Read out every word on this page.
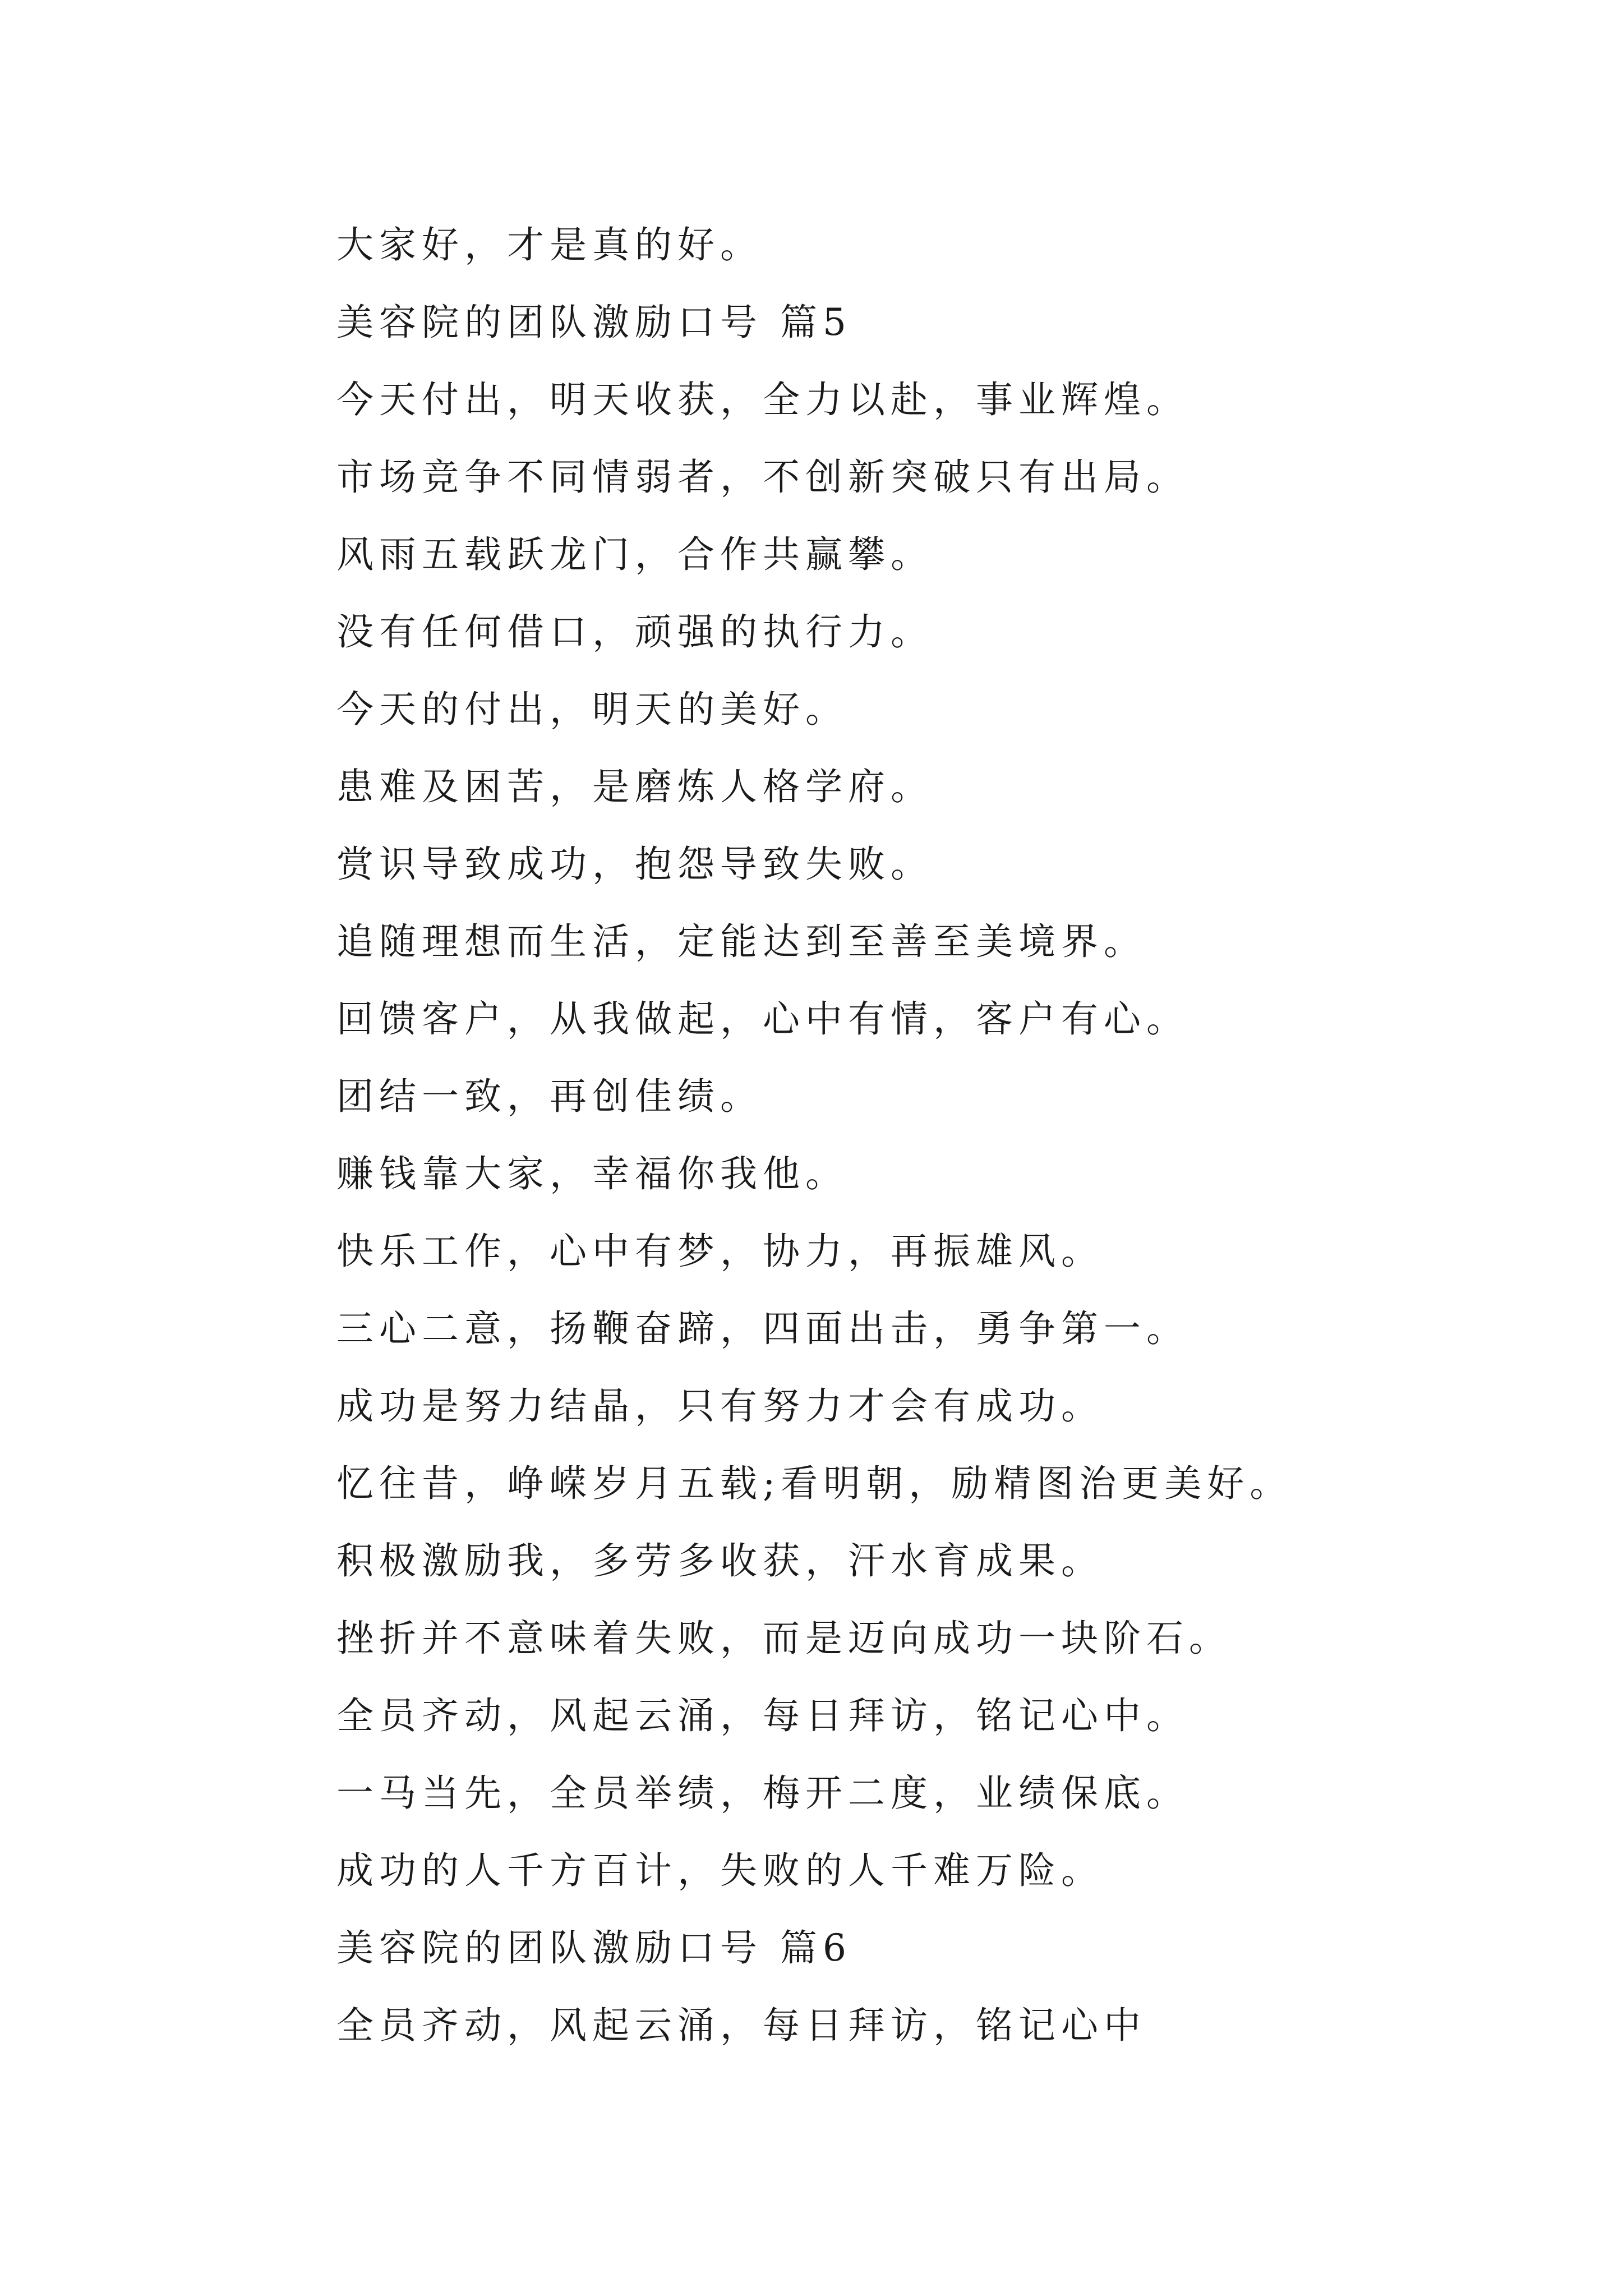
大家好，才是真的好。
美容院的团队激励口号 篇5
今天付出，明天收获，全力以赴，事业辉煌。
市场竞争不同情弱者，不创新突破只有出局。
风雨五载跃龙门，合作共赢攀。
没有任何借口，顽强的执行力。
今天的付出，明天的美好。
患难及困苦，是磨炼人格学府。
赏识导致成功，抱怨导致失败。
追随理想而生活，定能达到至善至美境界。
回馈客户，从我做起，心中有情，客户有心。
团结一致，再创佳绩。
赚钱靠大家，幸福你我他。
快乐工作，心中有梦，协力，再振雄风。
三心二意，扬鞭奋蹄，四面出击，勇争第一。
成功是努力结晶，只有努力才会有成功。
忆往昔，峥嵘岁月五载;看明朝，励精图治更美好。
积极激励我，多劳多收获，汗水育成果。
挫折并不意味着失败，而是迈向成功一块阶石。
全员齐动，风起云涌，每日拜访，铭记心中。
一马当先，全员举绩，梅开二度，业绩保底。
成功的人千方百计，失败的人千难万险。
美容院的团队激励口号 篇6
全员齐动，风起云涌，每日拜访，铭记心中
